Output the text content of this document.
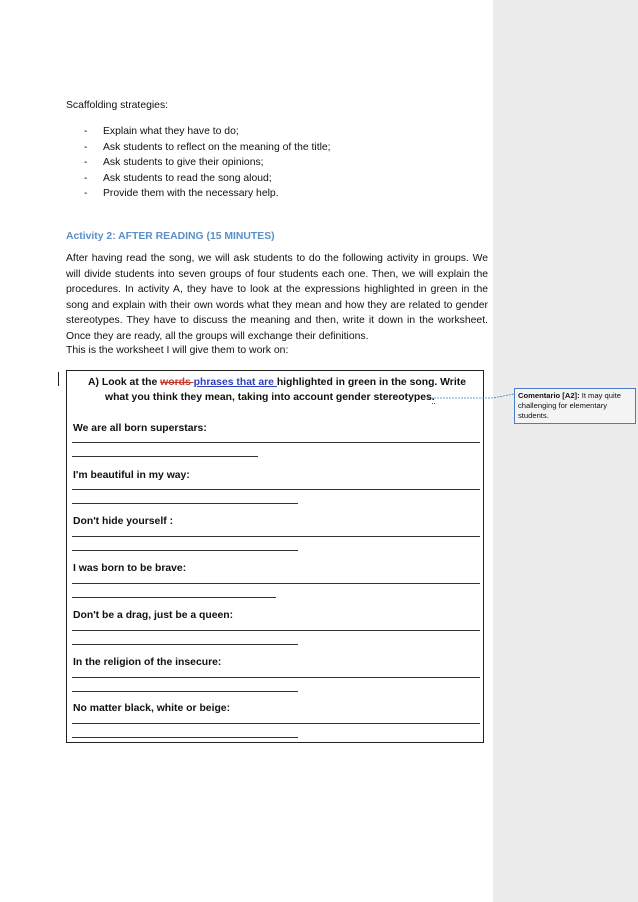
Scaffolding strategies:
- Explain what they have to do;
- Ask students to reflect on the meaning of the title;
- Ask students to give their opinions;
- Ask students to read the song aloud;
- Provide them with the necessary help.
Activity 2: AFTER READING (15 MINUTES)
After having read the song, we will ask students to do the following activity in groups. We will divide students into seven groups of four students each one. Then, we will explain the procedures. In activity A, they have to look at the expressions highlighted in green in the song and explain with their own words what they mean and how they are related to gender stereotypes. They have to discuss the meaning and then, write it down in the worksheet. Once they are ready, all the groups will exchange their definitions.
This is the worksheet I will give them to work on:
A) Look at the words phrases that are highlighted in green in the song. Write
what you think they mean, taking into account gender stereotypes.
We are all born superstars:
I'm beautiful in my way:
Don't hide yourself :
I was born to be brave:
Don't be a drag, just be a queen:
In the religion of the insecure:
No matter black, white or beige:
Comentario [A2]: It may quite challenging for elementary students.
